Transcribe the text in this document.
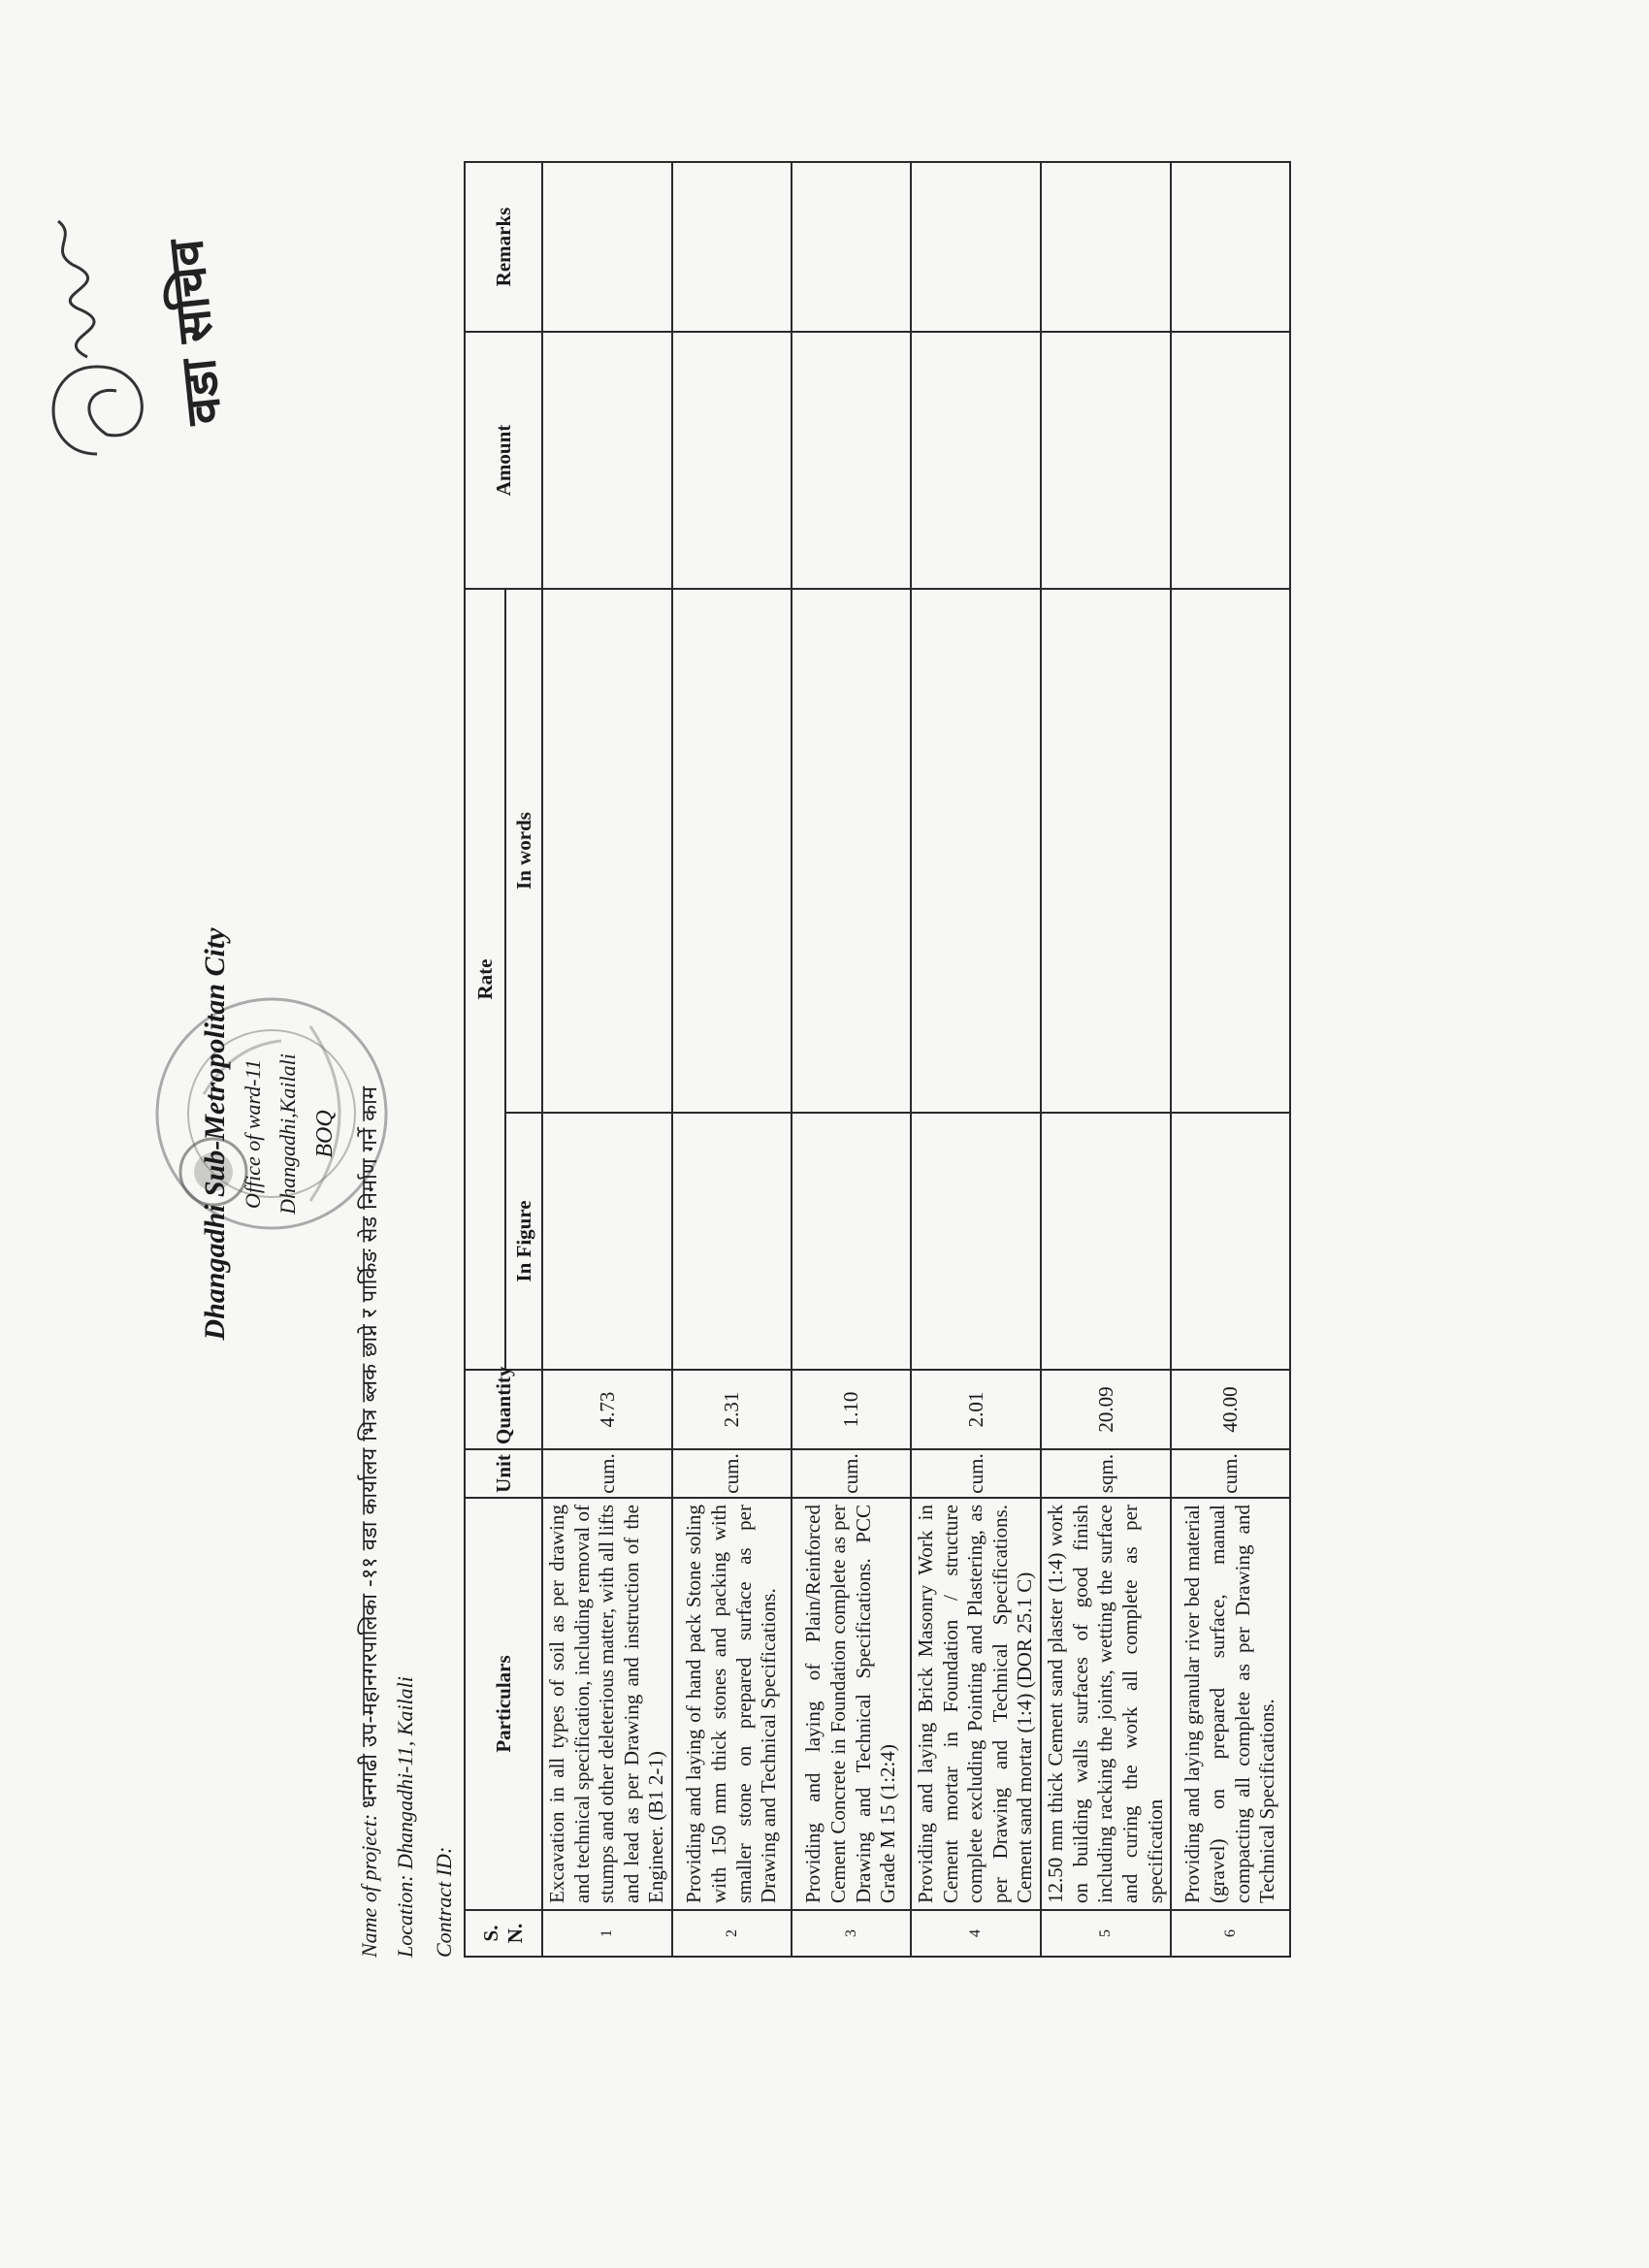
वडा सचिव
Dhangadhi Sub-Metropolitan City Office of ward-11 Dhangadhi,Kailali BOQ
Name of project: धनगढी उप-महानगरपालिका -११ वडा कार्यालय भित्र ब्लक छाप्ने र पार्किङ सेड निर्माण गर्ने काम
Location: Dhangadhi-11, Kailali Contract ID: S. N.	Particulars	Unit	Quantity	Rate		Amount	Remarks
				In Figure	In words		
1	Excavation in all types of soil as per drawing and technical specification, including removal of stumps and other deleterious matter, with all lifts and lead as per Drawing and instruction of the Engineer. (B1 2-1)	cum.	4.73				
2	Providing and laying of hand pack Stone soling with 150 mm thick stones and packing with smaller stone on prepared surface as per Drawing and Technical Specifications.	cum.	2.31				
3	Providing and laying of Plain/Reinforced Cement Concrete in Foundation complete as per Drawing and Technical Specifications. PCC Grade M 15 (1:2:4)	cum.	1.10				
4	Providing and laying Brick Masonry Work in Cement mortar in Foundation / structure complete excluding Pointing and Plastering, as per Drawing and Technical Specifications. Cement sand mortar (1:4) (DOR 25.1 C)	cum.	2.01				
5	12.50 mm thick Cement sand plaster (1:4) work on building walls surfaces of good finish including racking the joints, wetting the surface and curing the work all complete as per specification	sqm.	20.09				
6	Providing and laying granular river bed material (gravel) on prepared surface, manual compacting all complete as per Drawing and Technical Specifications.	cum.	40.00				
